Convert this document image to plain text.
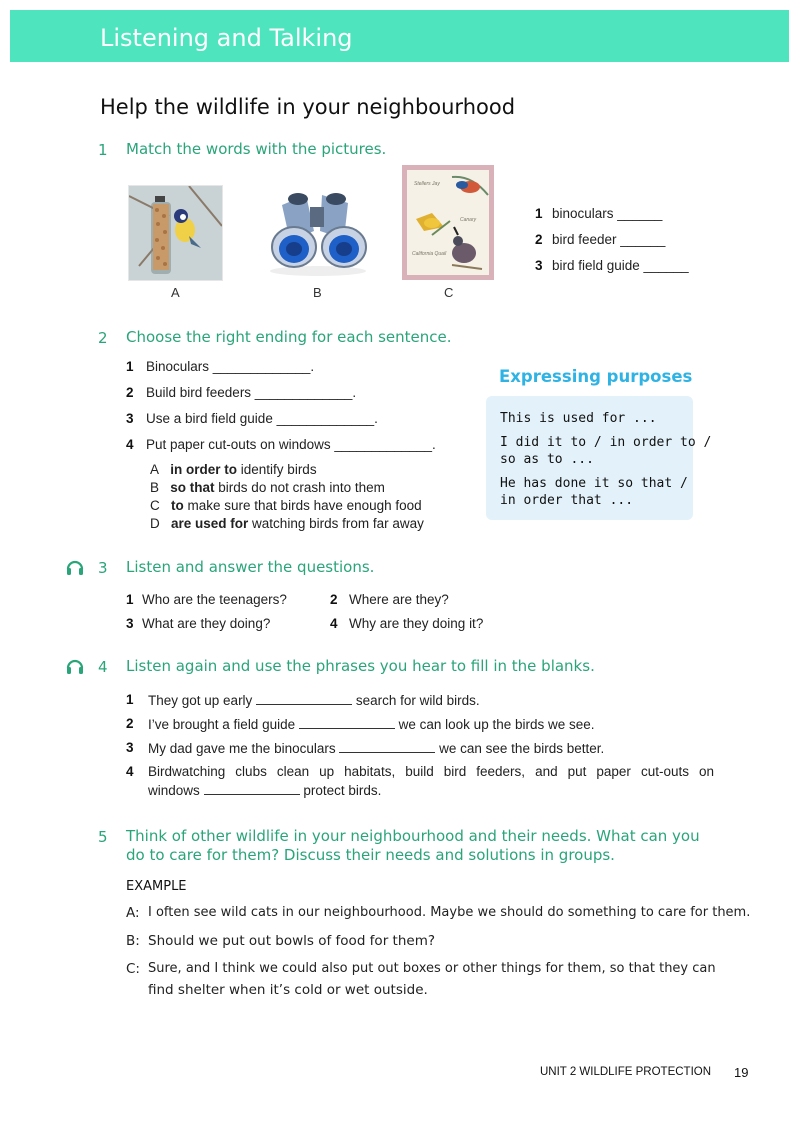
Listening and Talking
Help the wildlife in your neighbourhood
1 Match the words with the pictures.
A	B
Stellers Jay
Canary
California Quail
C
1 binoculars ______
2 bird feeder ______
3 bird field guide ______
2 Choose the right ending for each sentence.
1 Binoculars _____________.
2 Build bird feeders _____________.
3 Use a bird field guide _____________.
4 Put paper cut-outs on windows _____________.
A in order to identify birds
B so that birds do not crash into them
C to make sure that birds have enough food
D are used for watching birds from far away
Expressing purposes
This is used for ...
I did it to / in order to /
so as to ...
He has done it so that /
in order that ...
3 Listen and answer the questions.
1 Who are the teenagers?	2 Where are they?
3 What are they doing?	4 Why are they doing it?
4 Listen again and use the phrases you hear to fill in the blanks.
1 They got up early	search for wild birds.
2 I’ve brought a field guide	we can look up the birds we see.
3 My dad gave me the binoculars	we can see the birds better.
4 Birdwatching clubs clean up habitats, build bird feeders, and put paper cut-outs on
windows	protect birds.
5 Think of other wildlife in your neighbourhood and their needs. What can you
do to care for them? Discuss their needs and solutions in groups.
EXAMPLE
A: I often see wild cats in our neighbourhood. Maybe we should do something to care for them.
B: Should we put out bowls of food for them?
C: Sure, and I think we could also put out boxes or other things for them, so that they can
find shelter when it’s cold or wet outside.
UNIT 2 WILDLIFE PROTECTION 19
